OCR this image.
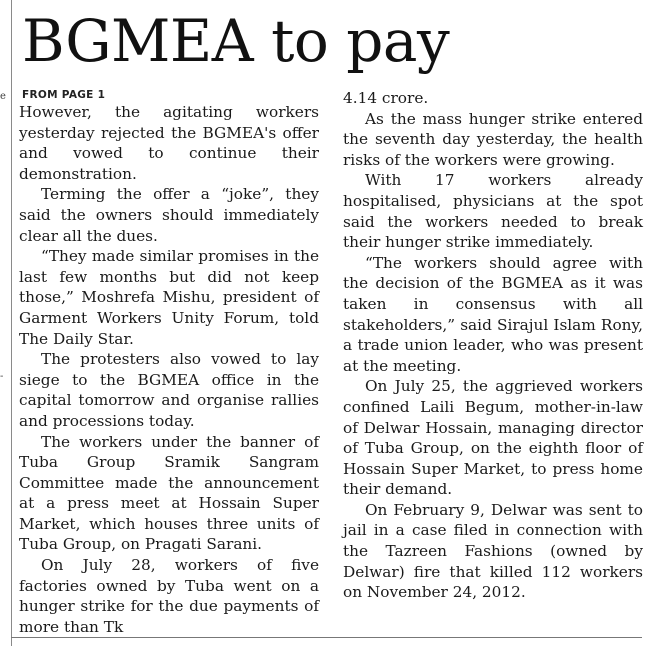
e
-
BGMEA to pay
FROM PAGE 1

However, the agitating workers yesterday rejected the BGMEA's offer and vowed to continue their demonstration.

Terming the offer a “joke”, they said the owners should immediately clear all the dues.

“They made similar promises in the last few months but did not keep those,” Moshrefa Mishu, president of Garment Workers Unity Forum, told The Daily Star.

The protesters also vowed to lay siege to the BGMEA office in the capital tomorrow and organise rallies and processions today.

The workers under the banner of Tuba Group Sramik Sangram Committee made the announcement at a press meet at Hossain Super Market, which houses three units of Tuba Group, on Pragati Sarani.

On July 28, workers of five factories owned by Tuba went on a hunger strike for the due payments of more than Tk

4.14 crore.

As the mass hunger strike entered the seventh day yesterday, the health risks of the workers were growing.

With 17 workers already hospitalised, physicians at the spot said the workers needed to break their hunger strike immediately.

“The workers should agree with the decision of the BGMEA as it was taken in consensus with all stakeholders,” said Sirajul Islam Rony, a trade union leader, who was present at the meeting.

On July 25, the aggrieved workers confined Laili Begum, mother-in-law of Delwar Hossain, managing director of Tuba Group, on the eighth floor of Hossain Super Market, to press home their demand.

On February 9, Delwar was sent to jail in a case filed in connection with the Tazreen Fashions (owned by Delwar) fire that killed 112 workers on November 24, 2012.
